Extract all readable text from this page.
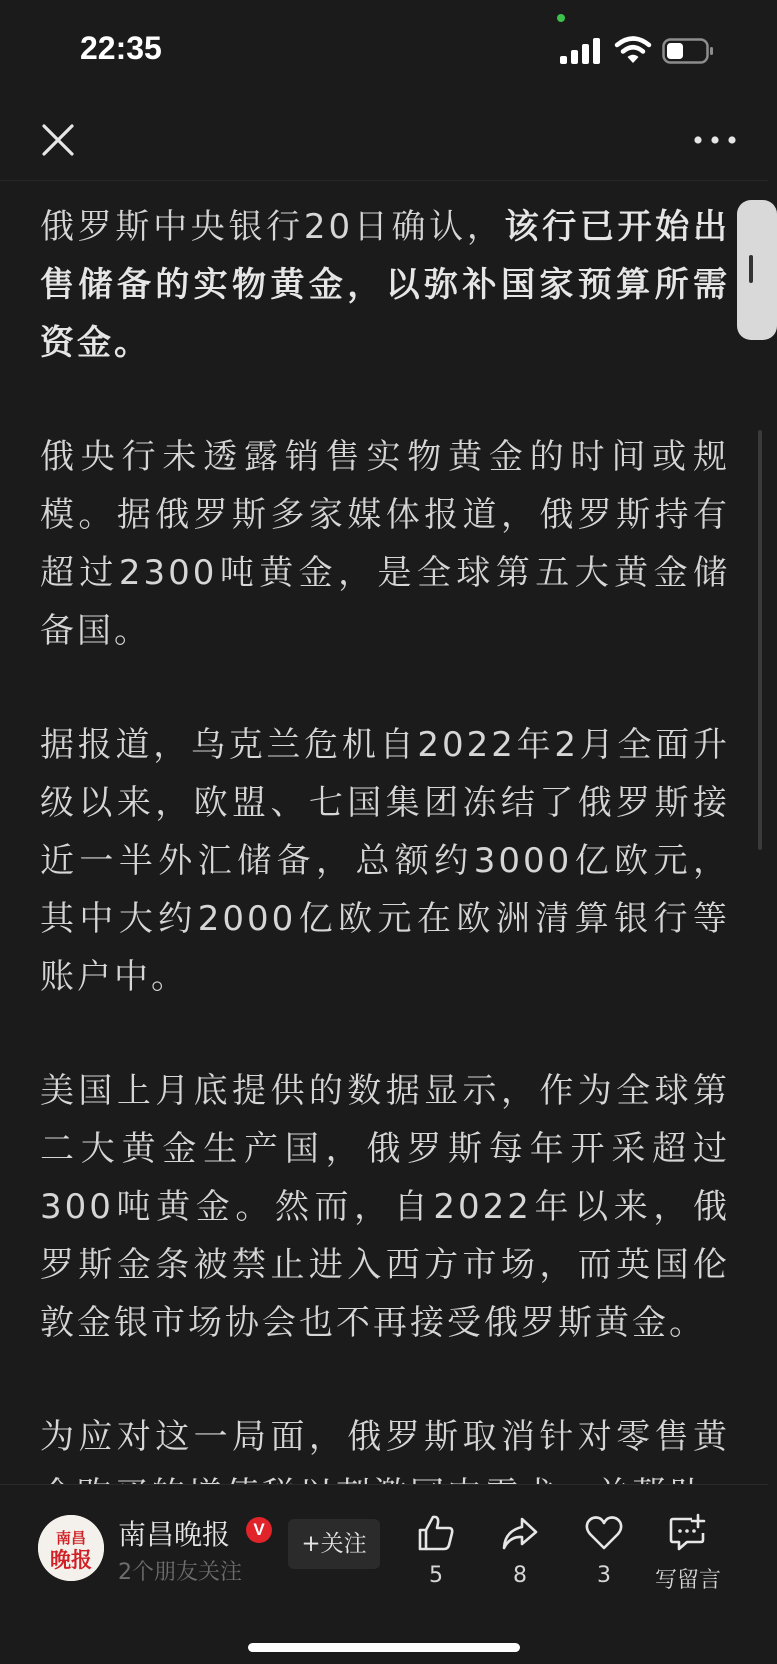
22:35

俄罗斯中央银行20日确认，该行已开始出售储备的实物黄金，以弥补国家预算所需资金。

俄央行未透露销售实物黄金的时间或规模。据俄罗斯多家媒体报道，俄罗斯持有超过2300吨黄金，是全球第五大黄金储备国。

据报道，乌克兰危机自2022年2月全面升级以来，欧盟、七国集团冻结了俄罗斯接近一半外汇储备，总额约3000亿欧元，其中大约2000亿欧元在欧洲清算银行等账户中。

美国上月底提供的数据显示，作为全球第二大黄金生产国，俄罗斯每年开采超过300吨黄金。然而，自2022年以来，俄罗斯金条被禁止进入西方市场，而英国伦敦金银市场协会也不再接受俄罗斯黄金。

为应对这一局面，俄罗斯取消针对零售黄

南昌
晚报
南昌晚报	V
2个朋友关注
+关注
5	8	3	写留言
